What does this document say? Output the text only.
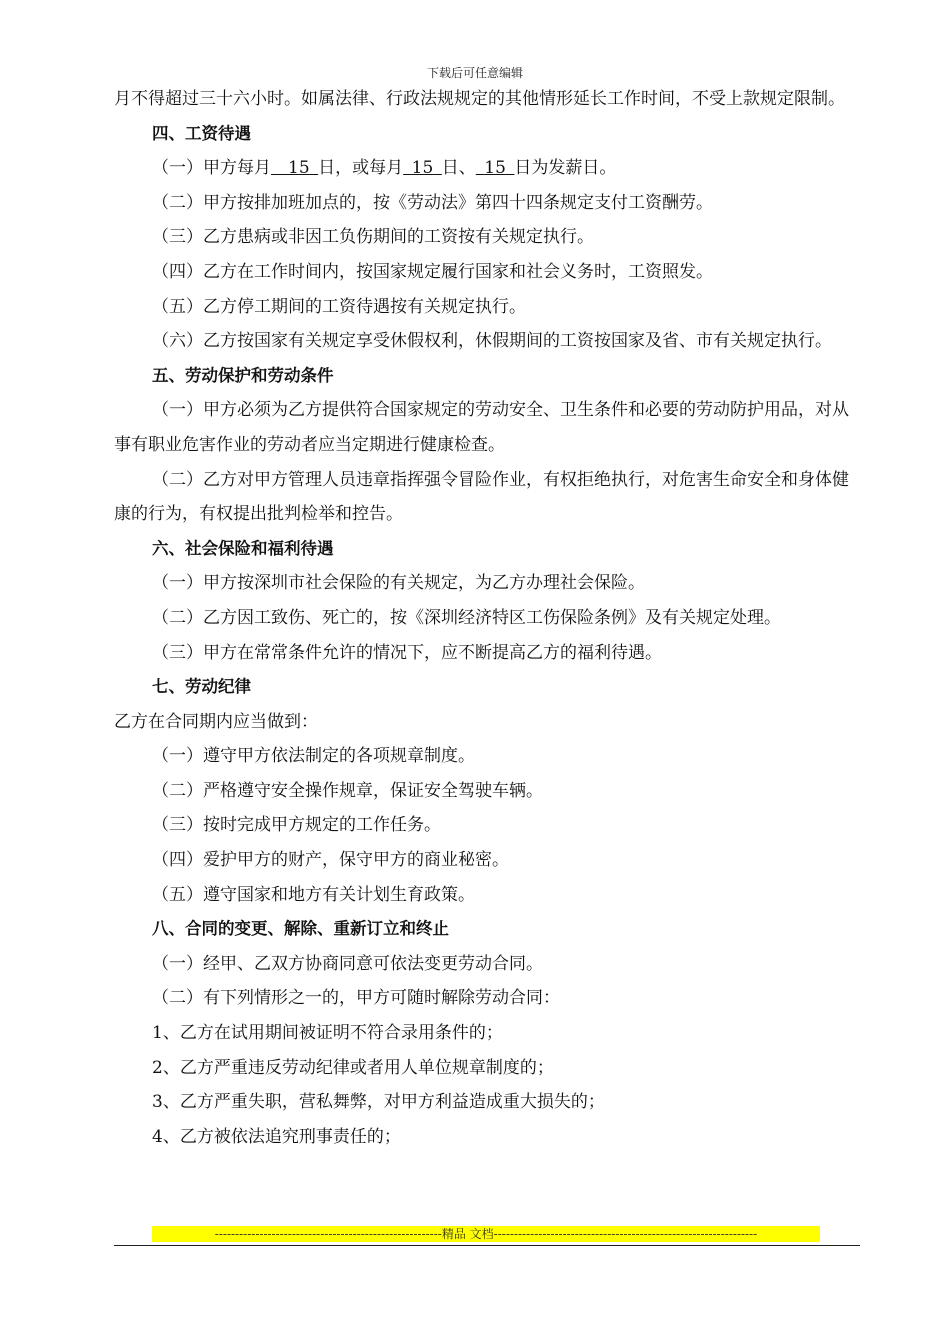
下载后可任意编辑

月不得超过三十六小时。如属法律、行政法规规定的其他情形延长工作时间，不受上款规定限制。

四、工资待遇

（一）甲方每月  15  日，或每月  15  日、  15  日为发薪日。

（二）甲方按排加班加点的，按《劳动法》第四十四条规定支付工资酬劳。

（三）乙方患病或非因工负伤期间的工资按有关规定执行。

（四）乙方在工作时间内，按国家规定履行国家和社会义务时，工资照发。

（五）乙方停工期间的工资待遇按有关规定执行。

（六）乙方按国家有关规定享受休假权利，休假期间的工资按国家及省、市有关规定执行。

五、劳动保护和劳动条件

（一）甲方必须为乙方提供符合国家规定的劳动安全、卫生条件和必要的劳动防护用品，对从事有职业危害作业的劳动者应当定期进行健康检查。

（二）乙方对甲方管理人员违章指挥强令冒险作业，有权拒绝执行，对危害生命安全和身体健康的行为，有权提出批判检举和控告。

六、社会保险和福利待遇

（一）甲方按深圳市社会保险的有关规定，为乙方办理社会保险。

（二）乙方因工致伤、死亡的，按《深圳经济特区工伤保险条例》及有关规定处理。

（三）甲方在常常条件允许的情况下，应不断提高乙方的福利待遇。

七、劳动纪律

乙方在合同期内应当做到：

（一）遵守甲方依法制定的各项规章制度。

（二）严格遵守安全操作规章，保证安全驾驶车辆。

（三）按时完成甲方规定的工作任务。

（四）爱护甲方的财产，保守甲方的商业秘密。

（五）遵守国家和地方有关计划生育政策。

八、合同的变更、解除、重新订立和终止

（一）经甲、乙双方协商同意可依法变更劳动合同。

（二）有下列情形之一的，甲方可随时解除劳动合同：

1、乙方在试用期间被证明不符合录用条件的；

2、乙方严重违反劳动纪律或者用人单位规章制度的；

3、乙方严重失职，营私舞弊，对甲方利益造成重大损失的；

4、乙方被依法追究刑事责任的；

--------------------------------------------------------精品 文档-----------------------------------------------------------------
